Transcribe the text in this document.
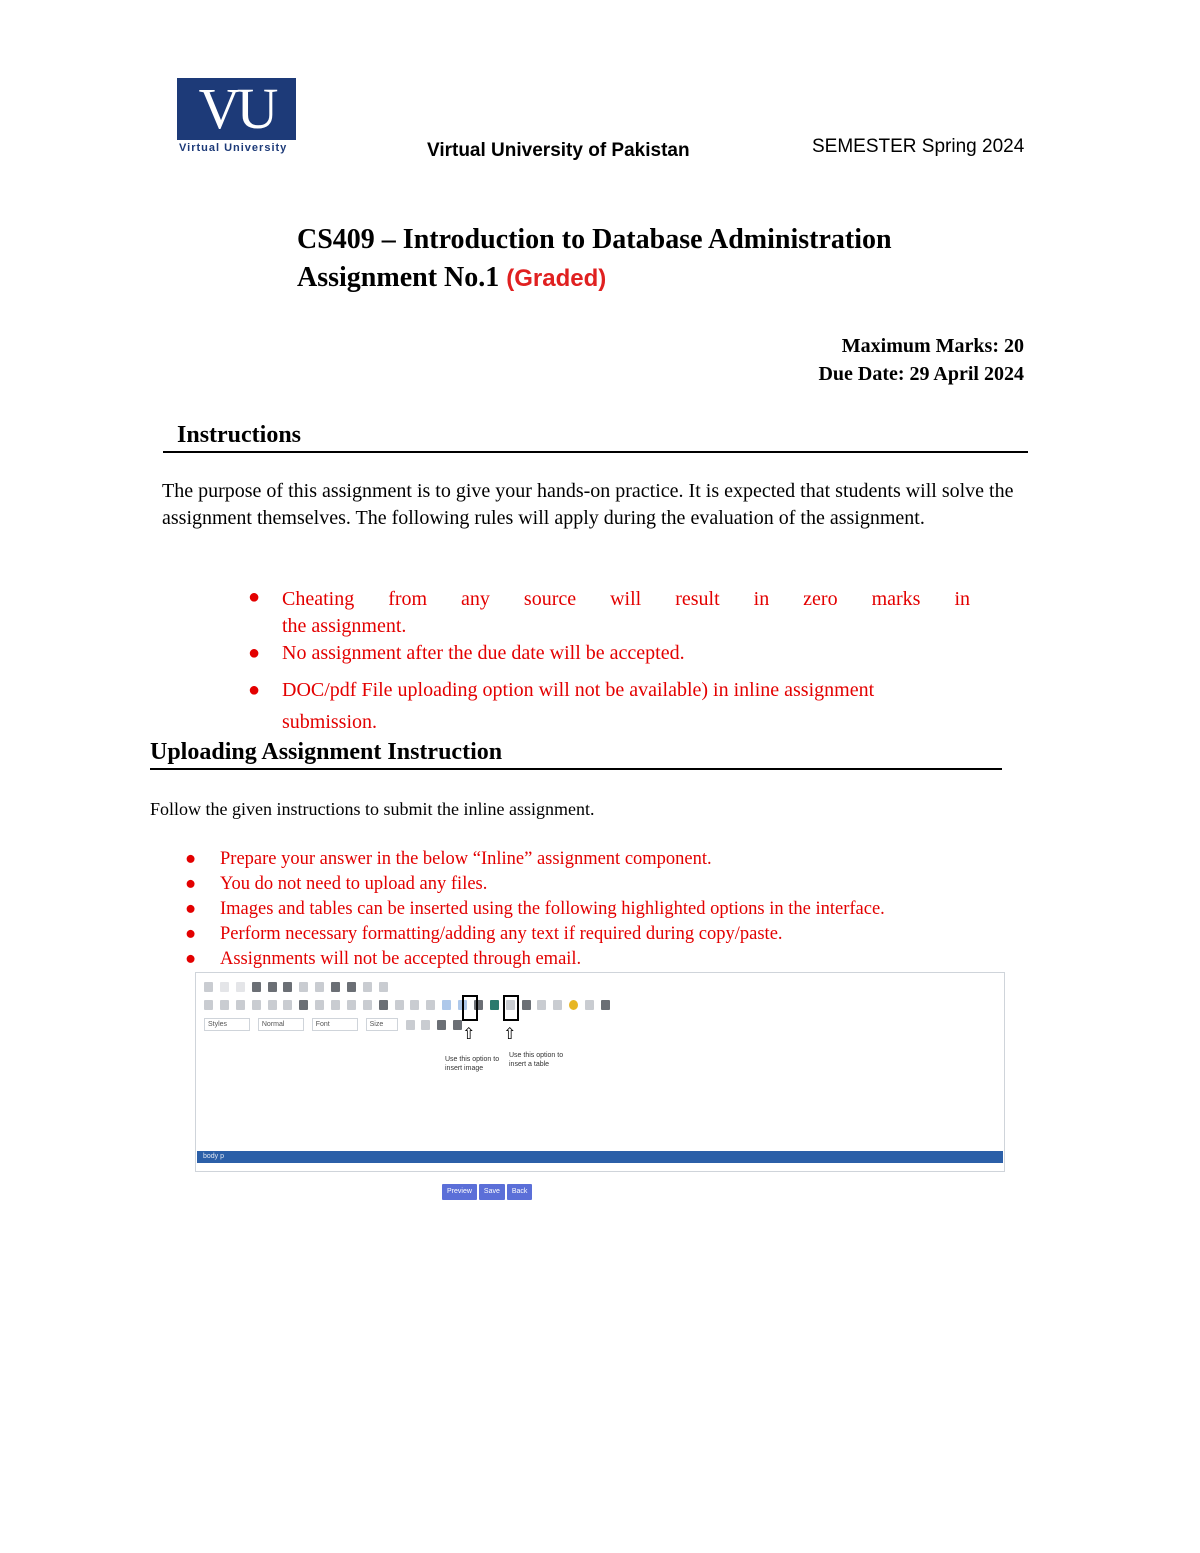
VU
Virtual University	Virtual University of Pakistan	SEMESTER Spring 2024
CS409 – Introduction to Database Administration
Assignment No.1 (Graded)
Maximum Marks: 20
Due Date: 29 April 2024
Instructions
The purpose of this assignment is to give your hands-on practice. It is expected that students will solve the assignment themselves. The following rules will apply during the evaluation of the assignment.
● Cheating from any source will result in zero marks in
the assignment.
● No assignment after the due date will be accepted.
● DOC/pdf File uploading option will not be available) in inline assignment
submission.
Uploading Assignment Instruction
Follow the given instructions to submit the inline assignment.
● Prepare your answer in the below “Inline” assignment component.
● You do not need to upload any files.
● Images and tables can be inserted using the following highlighted options in the interface.
● Perform necessary formatting/adding any text if required during copy/paste.
● Assignments will not be accepted through email.

Styles	Normal	Font	Size	⇧ ⇧
Use this option to insert image
Use this option to insert a table
body p
Preview Save Back
